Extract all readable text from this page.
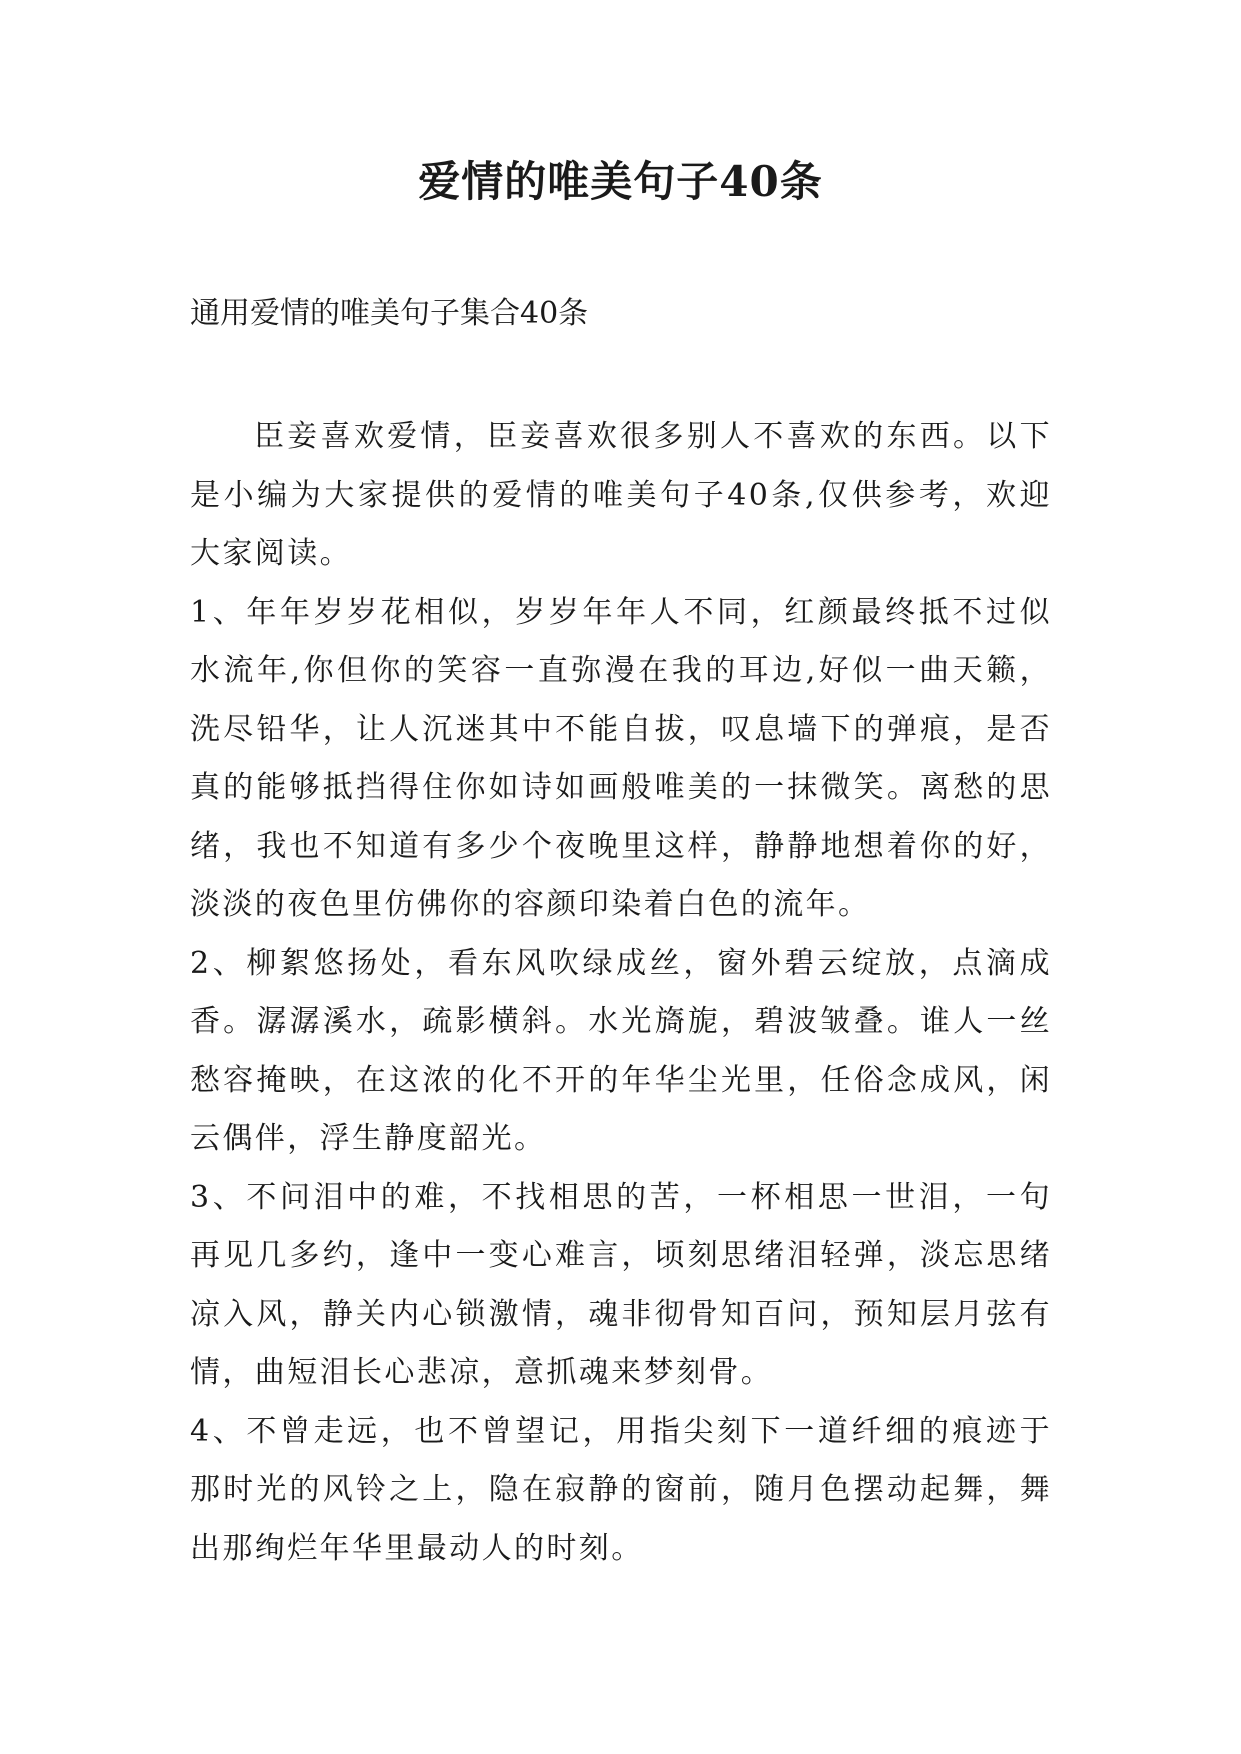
爱情的唯美句子40条

通用爱情的唯美句子集合40条

臣妾喜欢爱情，臣妾喜欢很多别人不喜欢的东西。以下是小编为大家提供的爱情的唯美句子40条,仅供参考，欢迎大家阅读。

1、年年岁岁花相似，岁岁年年人不同，红颜最终抵不过似水流年,你但你的笑容一直弥漫在我的耳边,好似一曲天籁，洗尽铅华，让人沉迷其中不能自拔，叹息墙下的弹痕，是否真的能够抵挡得住你如诗如画般唯美的一抹微笑。离愁的思绪，我也不知道有多少个夜晚里这样，静静地想着你的好，淡淡的夜色里仿佛你的容颜印染着白色的流年。

2、柳絮悠扬处，看东风吹绿成丝，窗外碧云绽放，点滴成香。潺潺溪水，疏影横斜。水光旖旎，碧波皱叠。谁人一丝愁容掩映，在这浓的化不开的年华尘光里，任俗念成风，闲云偶伴，浮生静度韶光。

3、不问泪中的难，不找相思的苦，一杯相思一世泪，一句再见几多约，逢中一变心难言，顷刻思绪泪轻弹，淡忘思绪凉入风，静关内心锁激情，魂非彻骨知百问，预知层月弦有情，曲短泪长心悲凉，意抓魂来梦刻骨。

4、不曾走远，也不曾望记，用指尖刻下一道纤细的痕迹于那时光的风铃之上，隐在寂静的窗前，随月色摆动起舞，舞出那绚烂年华里最动人的时刻。
